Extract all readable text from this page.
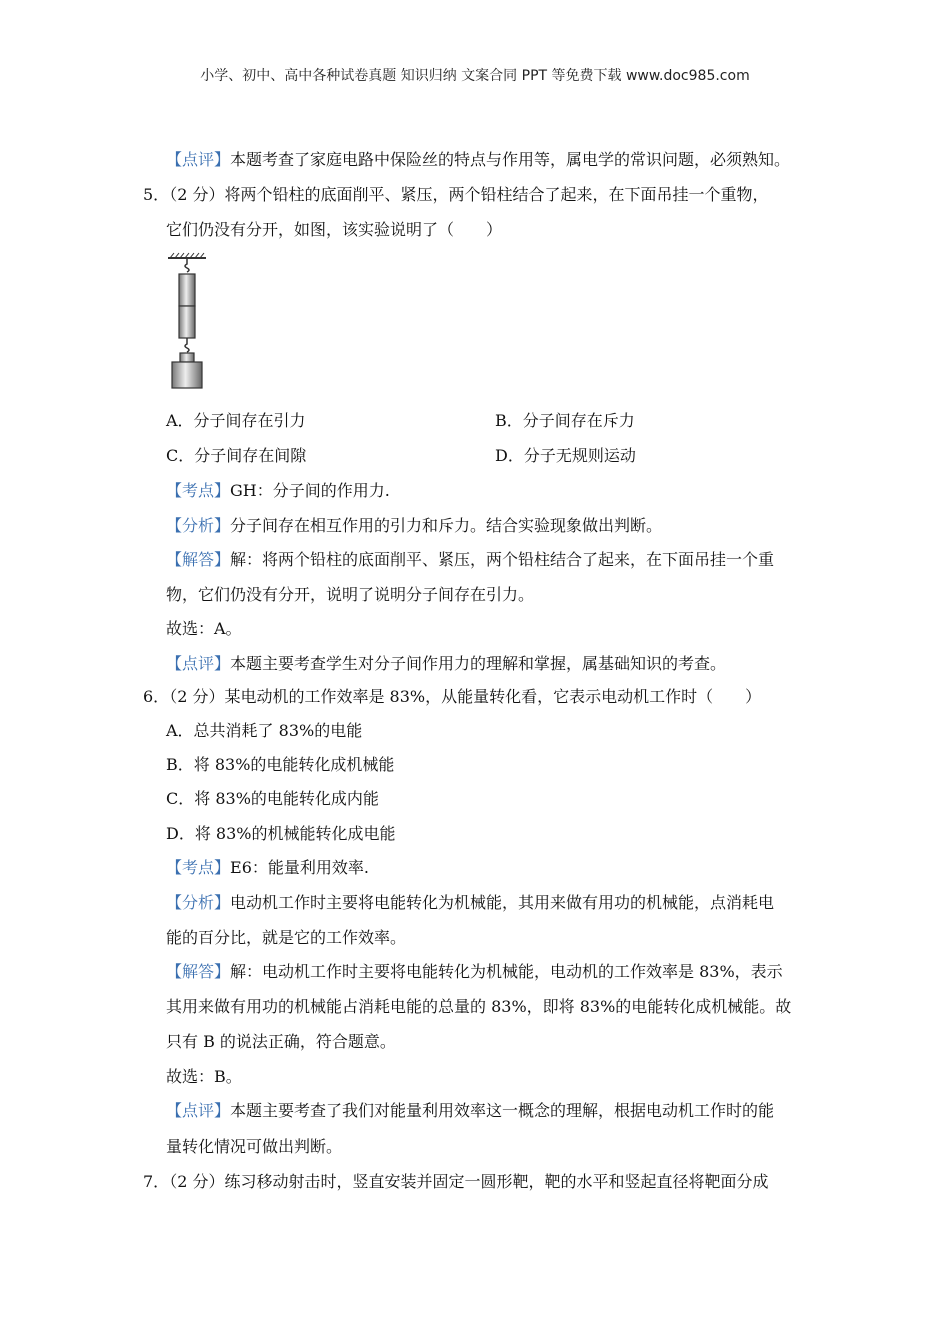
小学、初中、高中各种试卷真题 知识归纳 文案合同 PPT 等免费下载 www.doc985.com
【点评】本题考查了家庭电路中保险丝的特点与作用等，属电学的常识问题，必须熟知。
5．（2 分）将两个铅柱的底面削平、紧压，两个铅柱结合了起来，在下面吊挂一个重物，
它们仍没有分开，如图，该实验说明了（　　）
A．分子间存在引力	B．分子间存在斥力
C．分子间存在间隙	D．分子无规则运动
【考点】GH：分子间的作用力.
【分析】分子间存在相互作用的引力和斥力。结合实验现象做出判断。
【解答】解：将两个铅柱的底面削平、紧压，两个铅柱结合了起来，在下面吊挂一个重
物，它们仍没有分开，说明了说明分子间存在引力。
故选：A。
【点评】本题主要考查学生对分子间作用力的理解和掌握，属基础知识的考查。
6．（2 分）某电动机的工作效率是 83%，从能量转化看，它表示电动机工作时（　　）
A．总共消耗了 83%的电能
B．将 83%的电能转化成机械能
C．将 83%的电能转化成内能
D．将 83%的机械能转化成电能
【考点】E6：能量利用效率.
【分析】电动机工作时主要将电能转化为机械能，其用来做有用功的机械能，点消耗电
能的百分比，就是它的工作效率。
【解答】解：电动机工作时主要将电能转化为机械能，电动机的工作效率是 83%，表示
其用来做有用功的机械能占消耗电能的总量的 83%，即将 83%的电能转化成机械能。故
只有 B 的说法正确，符合题意。
故选：B。
【点评】本题主要考查了我们对能量利用效率这一概念的理解，根据电动机工作时的能
量转化情况可做出判断。
7．（2 分）练习移动射击时，竖直安装并固定一圆形靶，靶的水平和竖起直径将靶面分成
